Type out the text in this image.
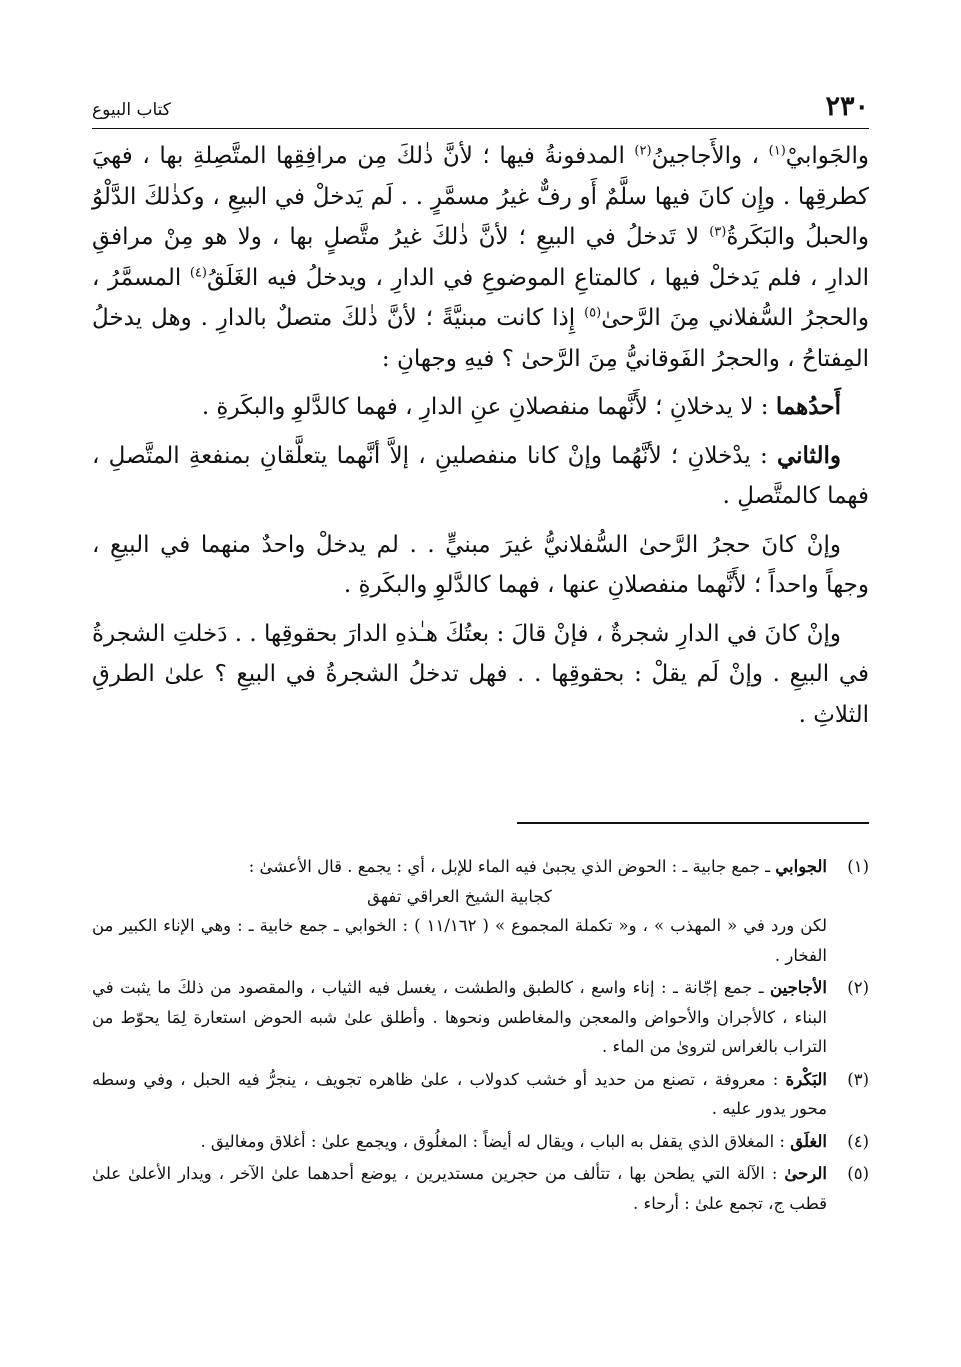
٢٣٠
كتاب البيوع

والجَوابيْ$^{(١)}$ ، والأَجاجينُ$^{(٢)}$ المدفونةُ فيها ؛ لأنَّ ذٰلكَ مِن مرافِقِها المتَّصِلةِ بها ، فهيَ كطرقِها . وإِن كانَ فيها سلَّمٌ أَو رفٌّ غيرُ مسمَّرٍ . . لَم يَدخلْ في البيعِ ، وكذٰلكَ الدَّلْوُ والحبلُ والبَكَرةُ$^{(٣)}$ لا تَدخلُ في البيعِ ؛ لأنَّ ذٰلكَ غيرُ متَّصلٍ بها ، ولا هو مِنْ مرافقِ الدارِ ، فلم يَدخلْ فيها ، كالمتاعِ الموضوعِ في الدارِ ، ويدخلُ فيه الغَلَقُ$^{(٤)}$ المسمَّرُ ، والحجرُ السُّفلاني مِنَ الرَّحىٰ$^{(٥)}$ إِذا كانت مبنيَّةً ؛ لأنَّ ذٰلكَ متصلٌ بالدارِ . وهل يدخلُ المِفتاحُ ، والحجرُ الفَوقانيُّ مِنَ الرَّحىٰ ؟ فيهِ وجهانِ :

أَحدُهما : لا يدخلانِ ؛ لأَنَّهما منفصلانِ عنِ الدارِ ، فهما كالدَّلوِ والبكَرةِ .

والثاني : يدْخلانِ ؛ لأنَّهُما وإنْ كانا منفصلينِ ، إلاَّ أنَّهما يتعلَّقانِ بمنفعةِ المتَّصلِ ، فهما كالمتَّصلِ .

وإنْ كانَ حجرُ الرَّحىٰ السُّفلانيُّ غيرَ مبنيٍّ . . لم يدخلْ واحدٌ منهما في البيعِ ، وجهاً واحداً ؛ لأَنَّهما منفصلانِ عنها ، فهما كالدَّلوِ والبكَرةِ .

وإنْ كانَ في الدارِ شجرةٌ ، فإنْ قالَ : بعتُكَ هـٰذهِ الدارَ بحقوقِها . . دَخلتِ الشجرةُ في البيعِ . وإنْ لَم يقلْ : بحقوقِها . . فهل تدخلُ الشجرةُ في البيعِ ؟ علىٰ الطرقِ الثلاثِ .

(١)

الجوابي ـ جمع جابية ـ : الحوض الذي يجبىٰ فيه الماء للإبل ، أي : يجمع . قال الأعشىٰ :

كجابية الشيخ العراقي تفهق

لكن ورد في « المهذب » ، و« تكملة المجموع » ( ١١/١٦٢ ) : الخوابي ـ جمع خابية ـ : وهي الإناء الكبير من الفخار .

(٢)

الأجاجين ـ جمع إجّانة ـ : إناء واسع ، كالطبق والطشت ، يغسل فيه الثياب ، والمقصود من ذلكَ ما يثبت في البناء ، كالأجران والأحواض والمعجن والمغاطس ونحوها . وأطلق علىٰ شبه الحوض استعارة لِمَا يحوّط من التراب بالغراس لتروىٰ من الماء .

(٣)

البَكْرة : معروفة ، تصنع من حديد أو خشب كدولاب ، علىٰ ظاهره تجويف ، ينجرُّ فيه الحبل ، وفي وسطه محور يدور عليه .

(٤)

الغلَق : المغلاق الذي يقفل به الباب ، ويقال له أيضاً : المغلُوق ، ويجمع علىٰ : أغلاق ومغاليق .

(٥)

الرحىٰ : الآلة التي يطحن بها ، تتألف من حجرين مستديرين ، يوضع أحدهما علىٰ الآخر ، ويدار الأعلىٰ علىٰ قطب ج، تجمع علىٰ : أرحاء .
